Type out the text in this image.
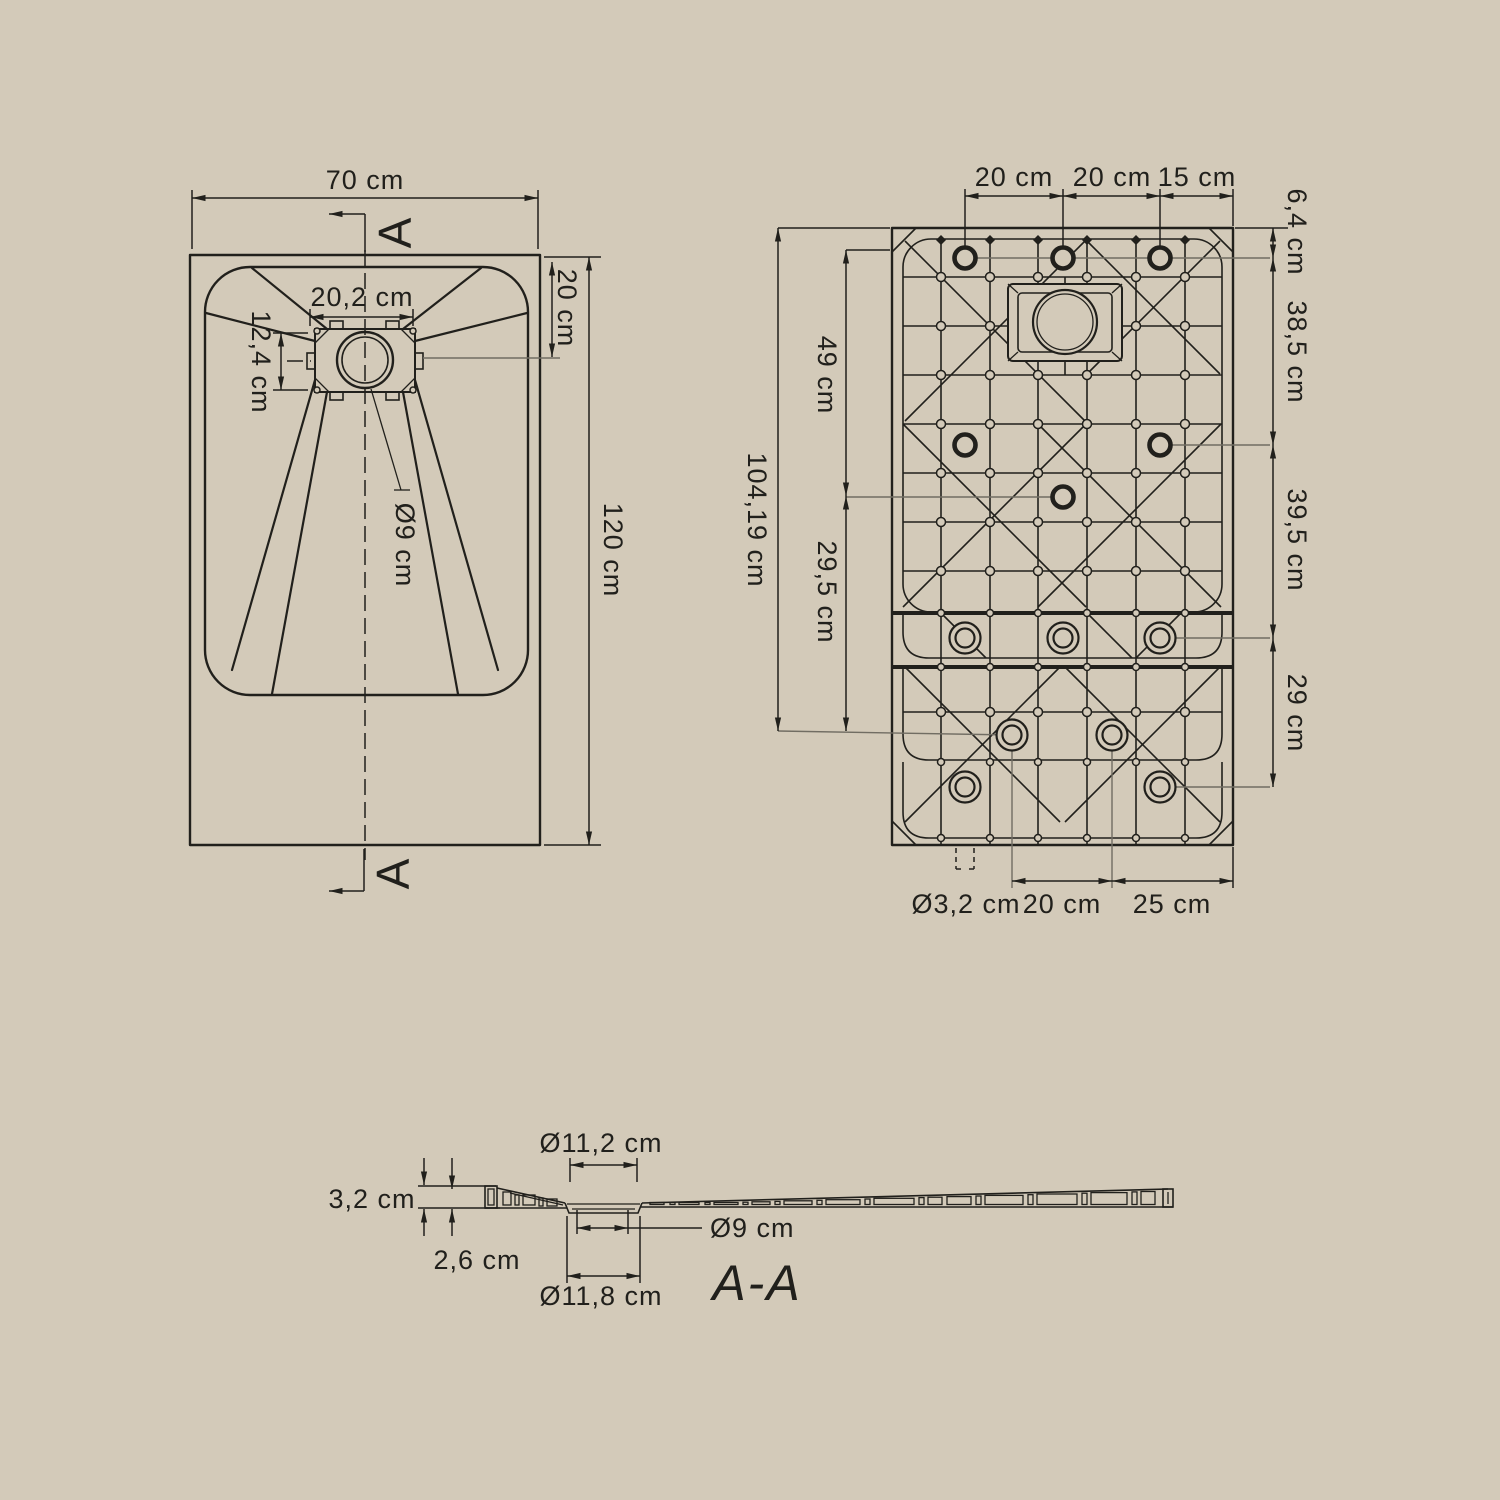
70 cm
A
A
20,2 cm	20 cm
120 cm
12,4 cm
Ø9 cm
20 cm 20 cm 15 cm
6,4 cm
38,5 cm
39,5 cm
29 cm
104,19 cm
49 cm
29,5 cm
Ø3,2 cm 20 cm 25 cm
3,2 cm
2,6 cm
Ø11,2 cm
Ø9 cm
Ø11,8 cm A-A
